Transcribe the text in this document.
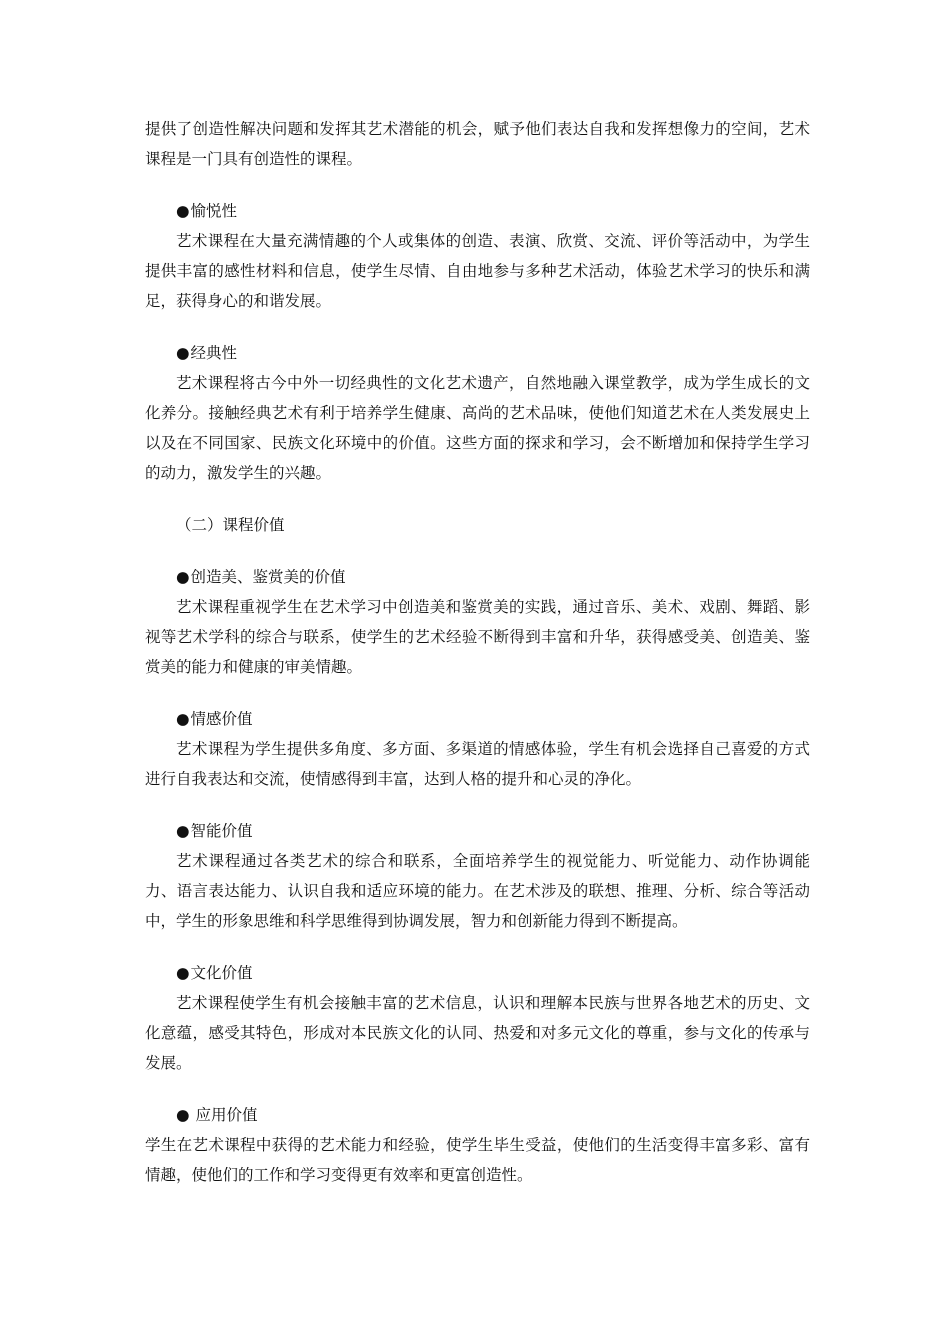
提供了创造性解决问题和发挥其艺术潜能的机会，赋予他们表达自我和发挥想像力的空间，艺术课程是一门具有创造性的课程。

●愉悦性

艺术课程在大量充满情趣的个人或集体的创造、表演、欣赏、交流、评价等活动中，为学生 提供丰富的感性材料和信息，使学生尽情、自由地参与多种艺术活动，体验艺术学习的快乐和满足，获得身心的和谐发展。

●经典性

艺术课程将古今中外一切经典性的文化艺术遗产，自然地融入课堂教学，成为学生成长的文化养分。接触经典艺术有利于培养学生健康、高尚的艺术品味，使他们知道艺术在人类发展史上以及在不同国家、民族文化环境中的价值。这些方面的探求和学习，会不断增加和保持学生学习的动力，激发学生的兴趣。

（二）课程价值

●创造美、鉴赏美的价值

艺术课程重视学生在艺术学习中创造美和鉴赏美的实践，通过音乐、美术、戏剧、舞蹈、影视等艺术学科的综合与联系，使学生的艺术经验不断得到丰富和升华，获得感受美、创造美、鉴赏美的能力和健康的审美情趣。

●情感价值

艺术课程为学生提供多角度、多方面、多渠道的情感体验，学生有机会选择自己喜爱的方式进行自我表达和交流，使情感得到丰富，达到人格的提升和心灵的净化。

●智能价值

艺术课程通过各类艺术的综合和联系，全面培养学生的视觉能力、听觉能力、动作协调能力、语言表达能力、认识自我和适应环境的能力。在艺术涉及的联想、推理、分析、综合等活动中，学生的形象思维和科学思维得到协调发展，智力和创新能力得到不断提高。

●文化价值

艺术课程使学生有机会接触丰富的艺术信息，认识和理解本民族与世界各地艺术的历史、文化意蕴，感受其特色，形成对本民族文化的认同、热爱和对多元文化的尊重，参与文化的传承与发展。

● 应用价值

学生在艺术课程中获得的艺术能力和经验，使学生毕生受益，使他们的生活变得丰富多彩、富有情趣，使他们的工作和学习变得更有效率和更富创造性。
